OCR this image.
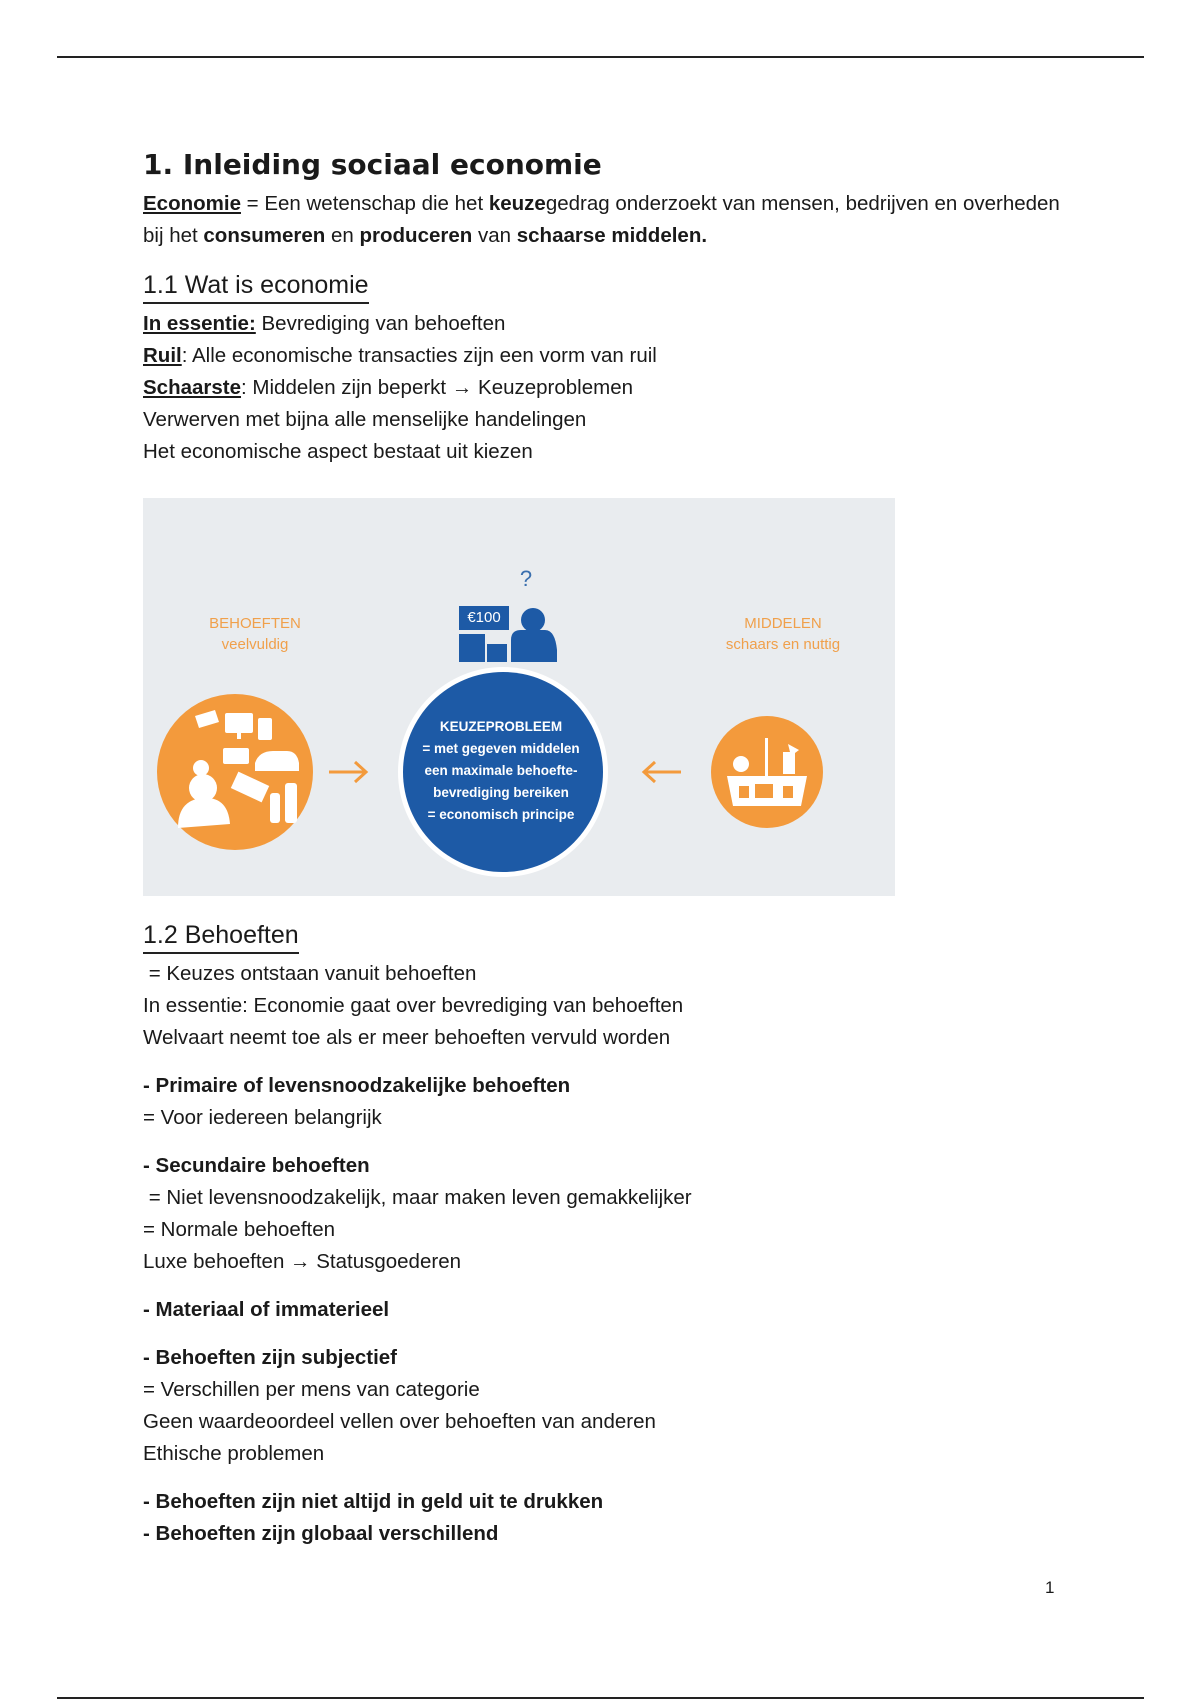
1. Inleiding sociaal economie

Economie = Een wetenschap die het keuzegedrag onderzoekt van mensen, bedrijven en overheden bij het consumeren en produceren van schaarse middelen.

1.1 Wat is economie

In essentie: Bevrediging van behoeften

Ruil: Alle economische transacties zijn een vorm van ruil

Schaarste: Middelen zijn beperkt → Keuzeproblemen

Verwerven met bijna alle menselijke handelingen

Het economische aspect bestaat uit kiezen

BEHOEFTEN
veelvuldig
MIDDELEN
schaars en nuttig
?
€100
KEUZEPROBLEEM
= met gegeven middelen
een maximale behoefte-
bevrediging bereiken
= economisch principe
1.2 Behoeften

= Keuzes ontstaan vanuit behoeften

In essentie: Economie gaat over bevrediging van behoeften

Welvaart neemt toe als er meer behoeften vervuld worden

- Primaire of levensnoodzakelijke behoeften

= Voor iedereen belangrijk

- Secundaire behoeften

= Niet levensnoodzakelijk, maar maken leven gemakkelijker

= Normale behoeften

Luxe behoeften → Statusgoederen

- Materiaal of immaterieel

- Behoeften zijn subjectief

= Verschillen per mens van categorie

Geen waardeoordeel vellen over behoeften van anderen

Ethische problemen

- Behoeften zijn niet altijd in geld uit te drukken

- Behoeften zijn globaal verschillend

1
